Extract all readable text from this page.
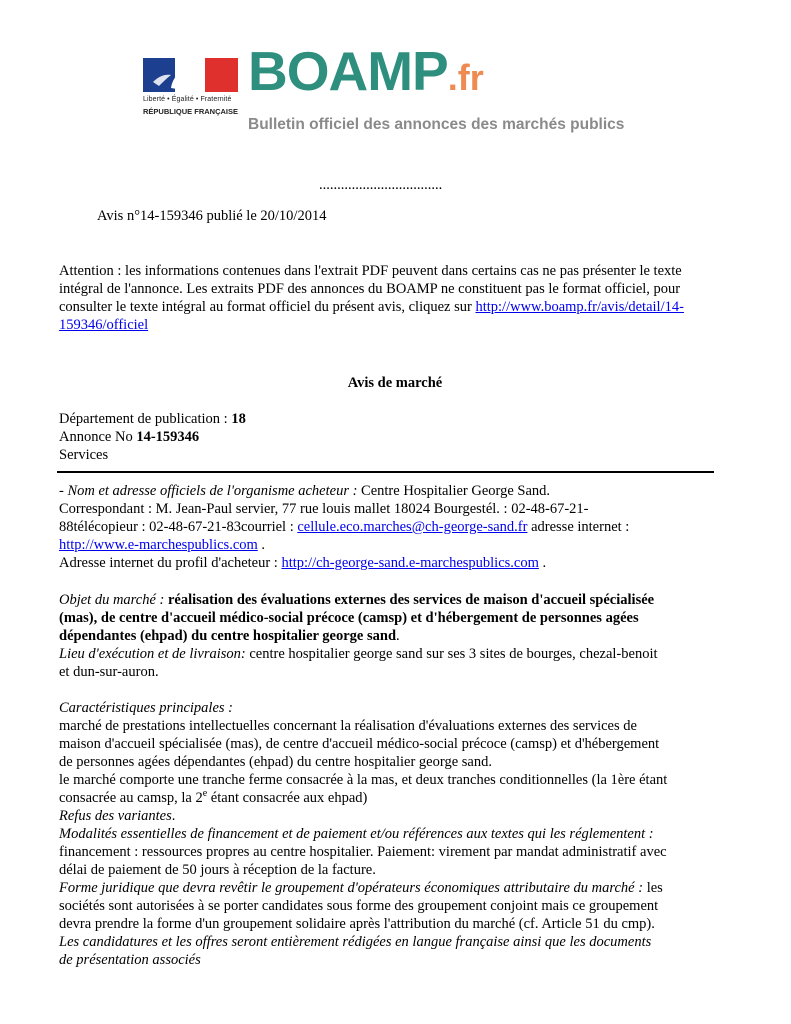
Liberté • Égalité • Fraternité
RÉPUBLIQUE FRANÇAISE
BOAMP.fr
Bulletin officiel des annonces des marchés publics
..................................
Avis n°14-159346 publié le 20/10/2014
Attention : les informations contenues dans l'extrait PDF peuvent dans certains cas ne pas présenter le texte intégral de l'annonce. Les extraits PDF des annonces du BOAMP ne constituent pas le format officiel, pour consulter le texte intégral au format officiel du présent avis, cliquez sur http://www.boamp.fr/avis/detail/14-159346/officiel
Avis de marché
Département de publication : 18
Annonce No 14-159346
Services
- Nom et adresse officiels de l'organisme acheteur : Centre Hospitalier George Sand.
Correspondant : M. Jean-Paul servier, 77 rue louis mallet 18024 Bourgestél. : 02-48-67-21-
88télécopieur : 02-48-67-21-83courriel : cellule.eco.marches@ch-george-sand.fr adresse internet :
http://www.e-marchespublics.com .
Adresse internet du profil d'acheteur : http://ch-george-sand.e-marchespublics.com .
Objet du marché : réalisation des évaluations externes des services de maison d'accueil spécialisée
(mas), de centre d'accueil médico-social précoce (camsp) et d'hébergement de personnes agées
dépendantes (ehpad) du centre hospitalier george sand.
Lieu d'exécution et de livraison: centre hospitalier george sand sur ses 3 sites de bourges, chezal-benoit
et dun-sur-auron.
Caractéristiques principales :
marché de prestations intellectuelles concernant la réalisation d'évaluations externes des services de
maison d'accueil spécialisée (mas), de centre d'accueil médico-social précoce (camsp) et d'hébergement
de personnes agées dépendantes (ehpad) du centre hospitalier george sand.
le marché comporte une tranche ferme consacrée à la mas, et deux tranches conditionnelles (la 1ère étant
consacrée au camsp, la 2e étant consacrée aux ehpad)
Refus des variantes.
Modalités essentielles de financement et de paiement et/ou références aux textes qui les réglementent :
financement : ressources propres au centre hospitalier. Paiement: virement par mandat administratif avec
délai de paiement de 50 jours à réception de la facture.
Forme juridique que devra revêtir le groupement d'opérateurs économiques attributaire du marché : les
sociétés sont autorisées à se porter candidates sous forme des groupement conjoint mais ce groupement
devra prendre la forme d'un groupement solidaire après l'attribution du marché (cf. Article 51 du cmp).
Les candidatures et les offres seront entièrement rédigées en langue française ainsi que les documents
de présentation associés
